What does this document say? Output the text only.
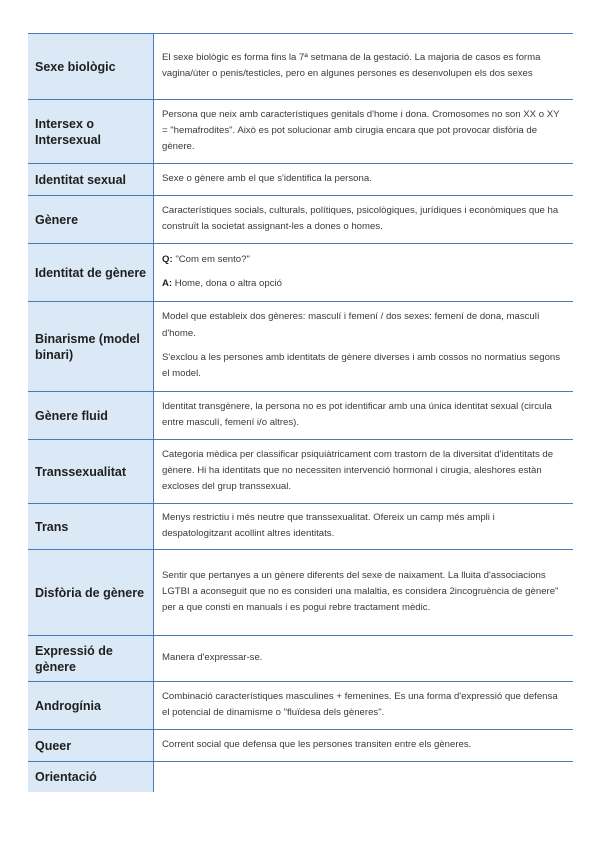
Sexe biològic	El sexe biològic es forma fins la 7ª setmana de la gestació. La majoria de casos es forma vagina/úter o penis/testicles, pero en algunes persones es desenvolupen els dos sexes

Intersex o Intersexual	Persona que neix amb característiques genitals d'home i dona. Cromosomes no son XX o XY = "hemafrodites". Això es pot solucionar amb cirugia encara que pot provocar disfòria de gènere.

Identitat sexual	Sexe o gènere amb el que s'identifica la persona.

Gènere	Característiques socials, culturals, polítiques, psicològiques, jurídiques i econòmiques que ha construït la societat assignant-les a dones o homes.

Identitat de gènere	Q: "Com em sento?"

A: Home, dona o altra opció

Binarisme (model binari)	Model que estableix dos gèneres: masculí i femení / dos sexes: femení de dona, masculí d'home.

S'exclou a les persones amb identitats de gènere diverses i amb cossos no normatius segons el model.

Gènere fluid	Identitat transgènere, la persona no es pot identificar amb una única identitat sexual (circula entre masculí, femení i/o altres).

Transsexualitat	Categoria mèdica per classificar psiquiàtricament com trastorn de la diversitat d'identitats de gènere. Hi ha identitats que no necessiten intervenció hormonal i cirugia, aleshores estàn excloses del grup transsexual.

Trans	Menys restrictiu i més neutre que transsexualitat. Ofereix un camp més ampli i despatologitzant acollint altres identitats.

Disfòria de gènere	Sentir que pertanyes a un gènere diferents del sexe de naixament. La lluita d'associacions LGTBI a aconseguit que no es consideri una malaltia, es considera 2incogruència de gènere" per a que consti en manuals i es pogui rebre tractament mèdic.

Expressió de gènere	Manera d'expressar-se.

Androgínia	Combinació característiques masculines + femenines. Es una forma d'expressió que defensa el potencial de dinamisme o "fluïdesa dels gèneres".

Queer	Corrent social que defensa que les persones transiten entre els gèneres.

Orientació	
